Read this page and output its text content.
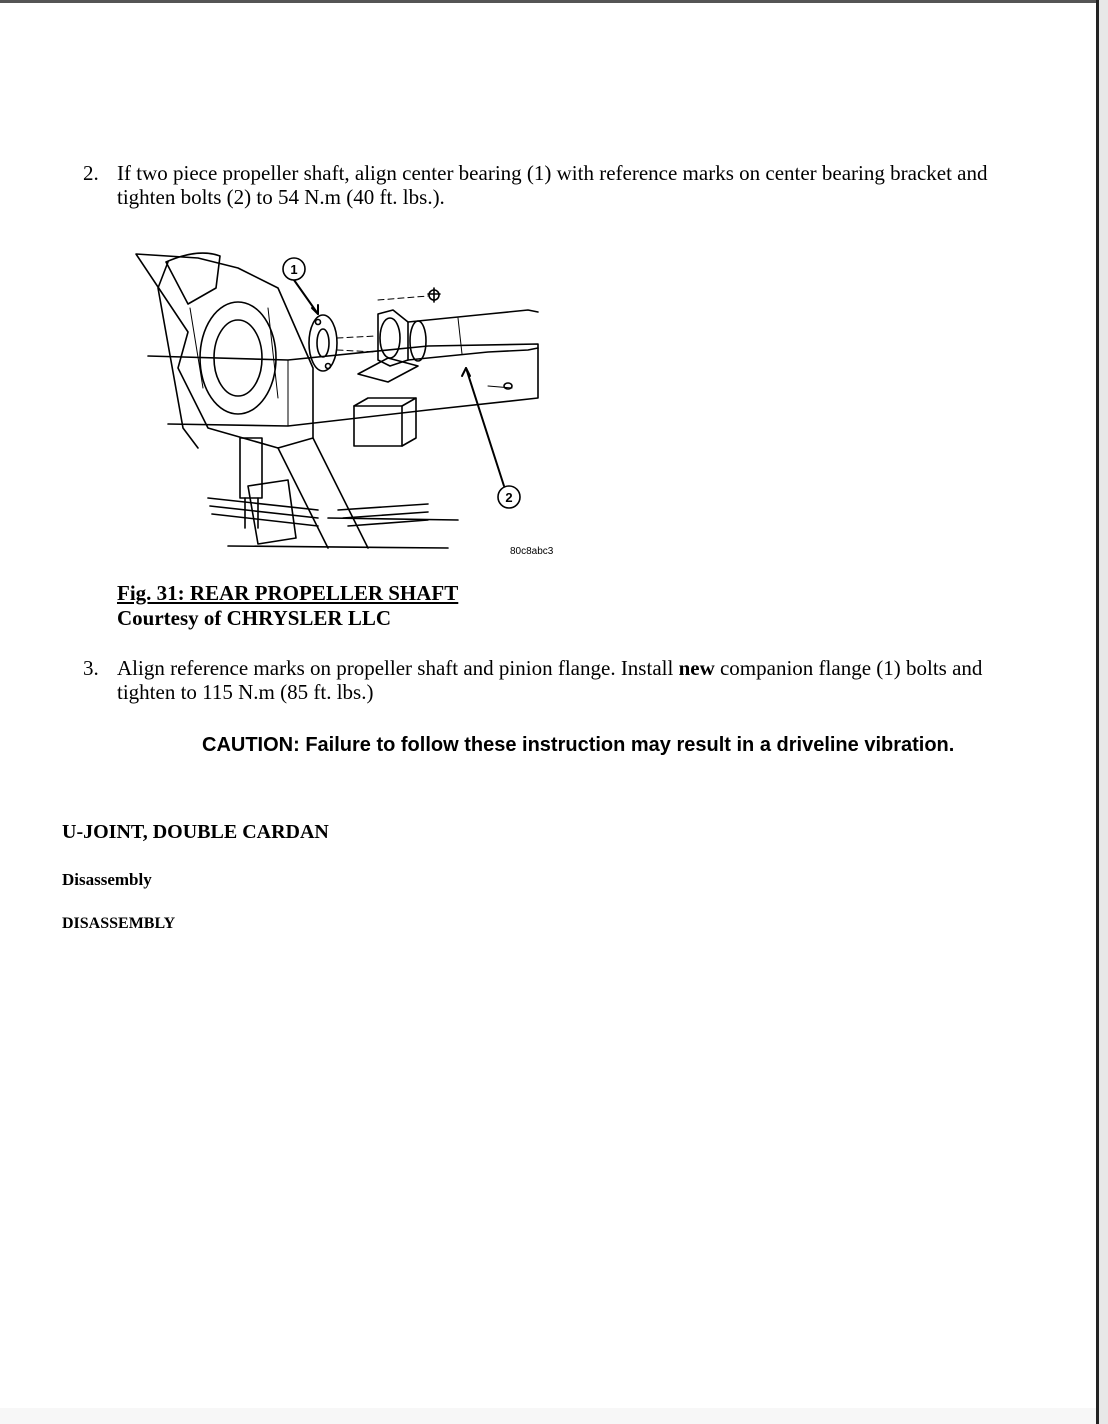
2. If two piece propeller shaft, align center bearing (1) with reference marks on center bearing bracket and
tighten bolts (2) to 54 N.m (40 ft. lbs.).
1
2
80c8abc3
Fig. 31: REAR PROPELLER SHAFT
Courtesy of CHRYSLER LLC
3. Align reference marks on propeller shaft and pinion flange. Install new companion flange (1) bolts and
tighten to 115 N.m (85 ft. lbs.)
CAUTION: Failure to follow these instruction may result in a driveline vibration.
U-JOINT, DOUBLE CARDAN
Disassembly
DISASSEMBLY
